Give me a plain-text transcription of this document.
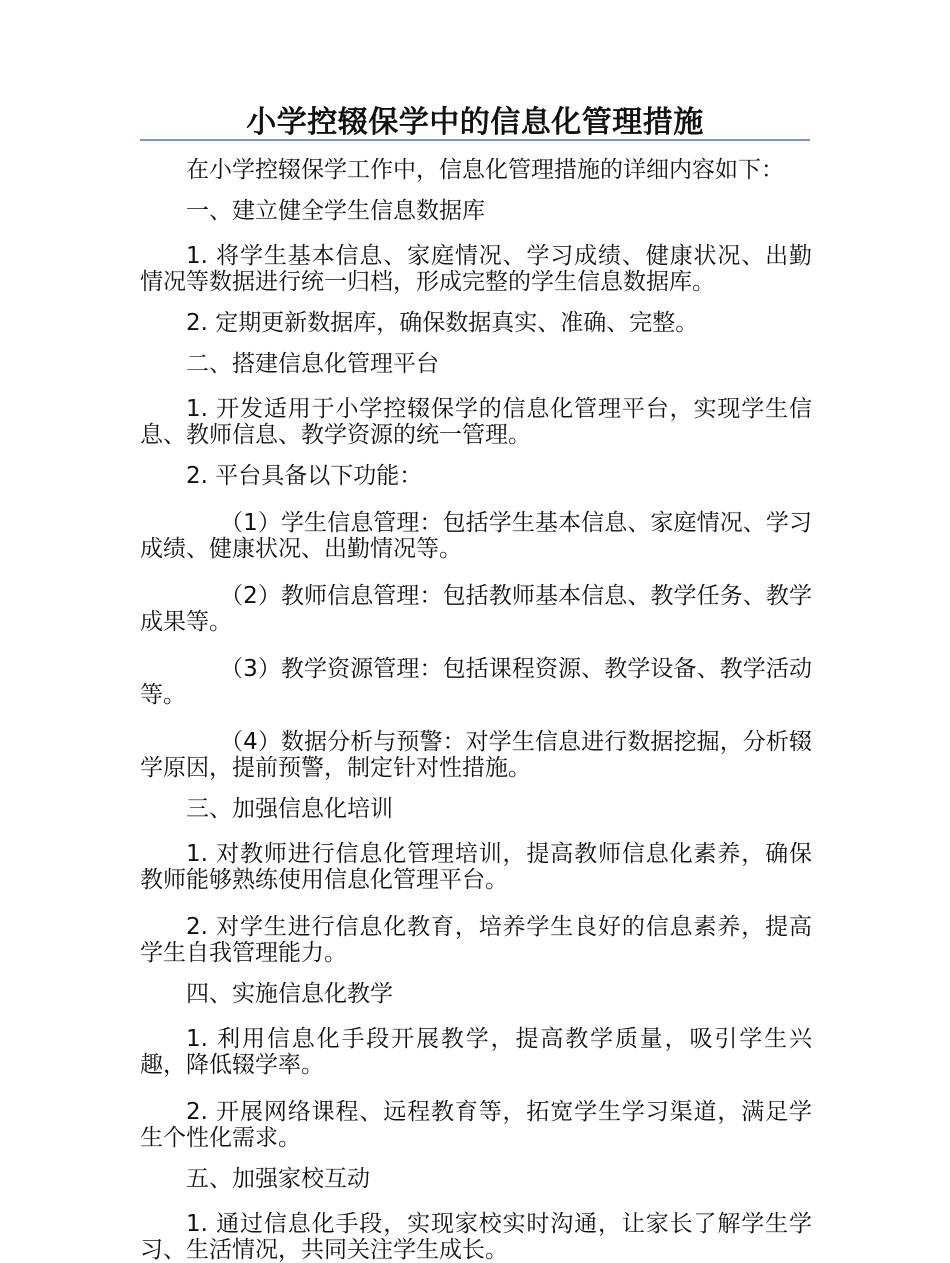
小学控辍保学中的信息化管理措施

在小学控辍保学工作中，信息化管理措施的详细内容如下：

一、建立健全学生信息数据库

1. 将学生基本信息、家庭情况、学习成绩、健康状况、出勤情况等数据进行统一归档，形成完整的学生信息数据库。

2. 定期更新数据库，确保数据真实、准确、完整。

二、搭建信息化管理平台

1. 开发适用于小学控辍保学的信息化管理平台，实现学生信息、教师信息、教学资源的统一管理。

2. 平台具备以下功能：

（1）学生信息管理：包括学生基本信息、家庭情况、学习成绩、健康状况、出勤情况等。

（2）教师信息管理：包括教师基本信息、教学任务、教学成果等。

（3）教学资源管理：包括课程资源、教学设备、教学活动等。

（4）数据分析与预警：对学生信息进行数据挖掘，分析辍学原因，提前预警，制定针对性措施。

三、加强信息化培训

1. 对教师进行信息化管理培训，提高教师信息化素养，确保教师能够熟练使用信息化管理平台。

2. 对学生进行信息化教育，培养学生良好的信息素养，提高学生自我管理能力。

四、实施信息化教学

1. 利用信息化手段开展教学，提高教学质量，吸引学生兴趣，降低辍学率。

2. 开展网络课程、远程教育等，拓宽学生学习渠道，满足学生个性化需求。

五、加强家校互动

1. 通过信息化手段，实现家校实时沟通，让家长了解学生学习、生活情况，共同关注学生成长。
